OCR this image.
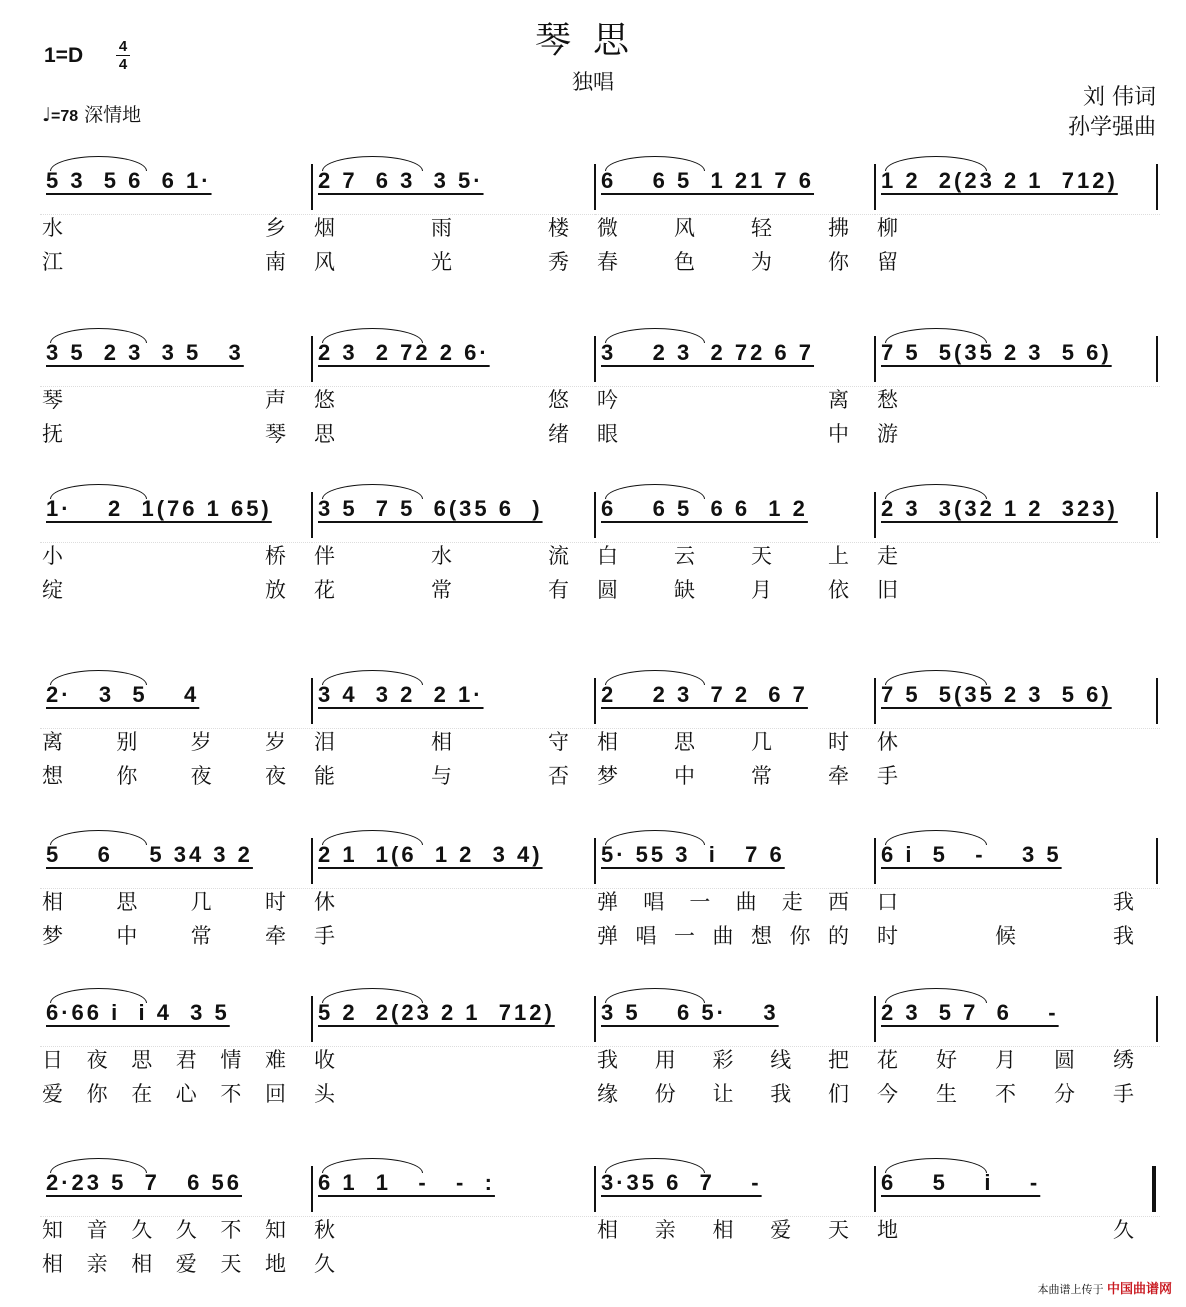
琴思
独唱
1=D 4
4
♩=78 深情地
刘 伟词
孙学强曲
5 3  5 6  6 1·
水	乡
江	南
2 7  6 3  3 5·
烟	雨	楼
风	光	秀
6    6 5  1 21 7 6
微	风	轻	拂
春	色	为	你
1 2  2(23 2 1  712)
柳
留
3 5  2 3  3 5   3
琴	声
抚	琴
2 3  2 72 2 6·
悠	悠
思	绪
3    2 3  2 72 6 7
吟	离
眼	中
7 5  5(35 2 3  5 6)
愁
游
1·    2  1(76 1 65)
小	桥
绽	放
3 5  7 5  6(35 6  )
伴	水	流
花	常	有
6    6 5  6 6  1 2
白	云	天	上
圆	缺	月	依
2 3  3(32 1 2  323)
走
旧
2·   3  5    4
离	别	岁	岁
想	你	夜	夜
3 4  3 2  2 1·
泪	相	守
能	与	否
2    2 3  7 2  6 7
相	思	几	时
梦	中	常	牵
7 5  5(35 2 3  5 6)
休
手
5    6    5 34 3 2
相	思	几	时
梦	中	常	牵
2 1  1(6  1 2  3 4)
休
手
5· 55 3  i   7 6
弹 唱 一 曲 走 西
弹 唱 一 曲 想 你 的
6 i  5   -    3 5
口	我
时	候	我
6·66 i  i 4  3 5
日 夜 思 君 情 难
爱 你 在 心 不 回
5 2  2(23 2 1  712)
收
头
3 5    6 5·    3
我 用 彩 线 把
缘 份 让 我 们
2 3  5 7  6    -
花 好 月 圆 绣
今 生 不 分 手
2·23 5  7   6 56
知 音 久 久 不 知
相 亲 相 爱 天 地
6 1  1   -   -  :
秋
久
3·35 6  7    -
相 亲 相 爱 天
6    5    i    -
地	久
本曲谱上传于 中国曲谱网
